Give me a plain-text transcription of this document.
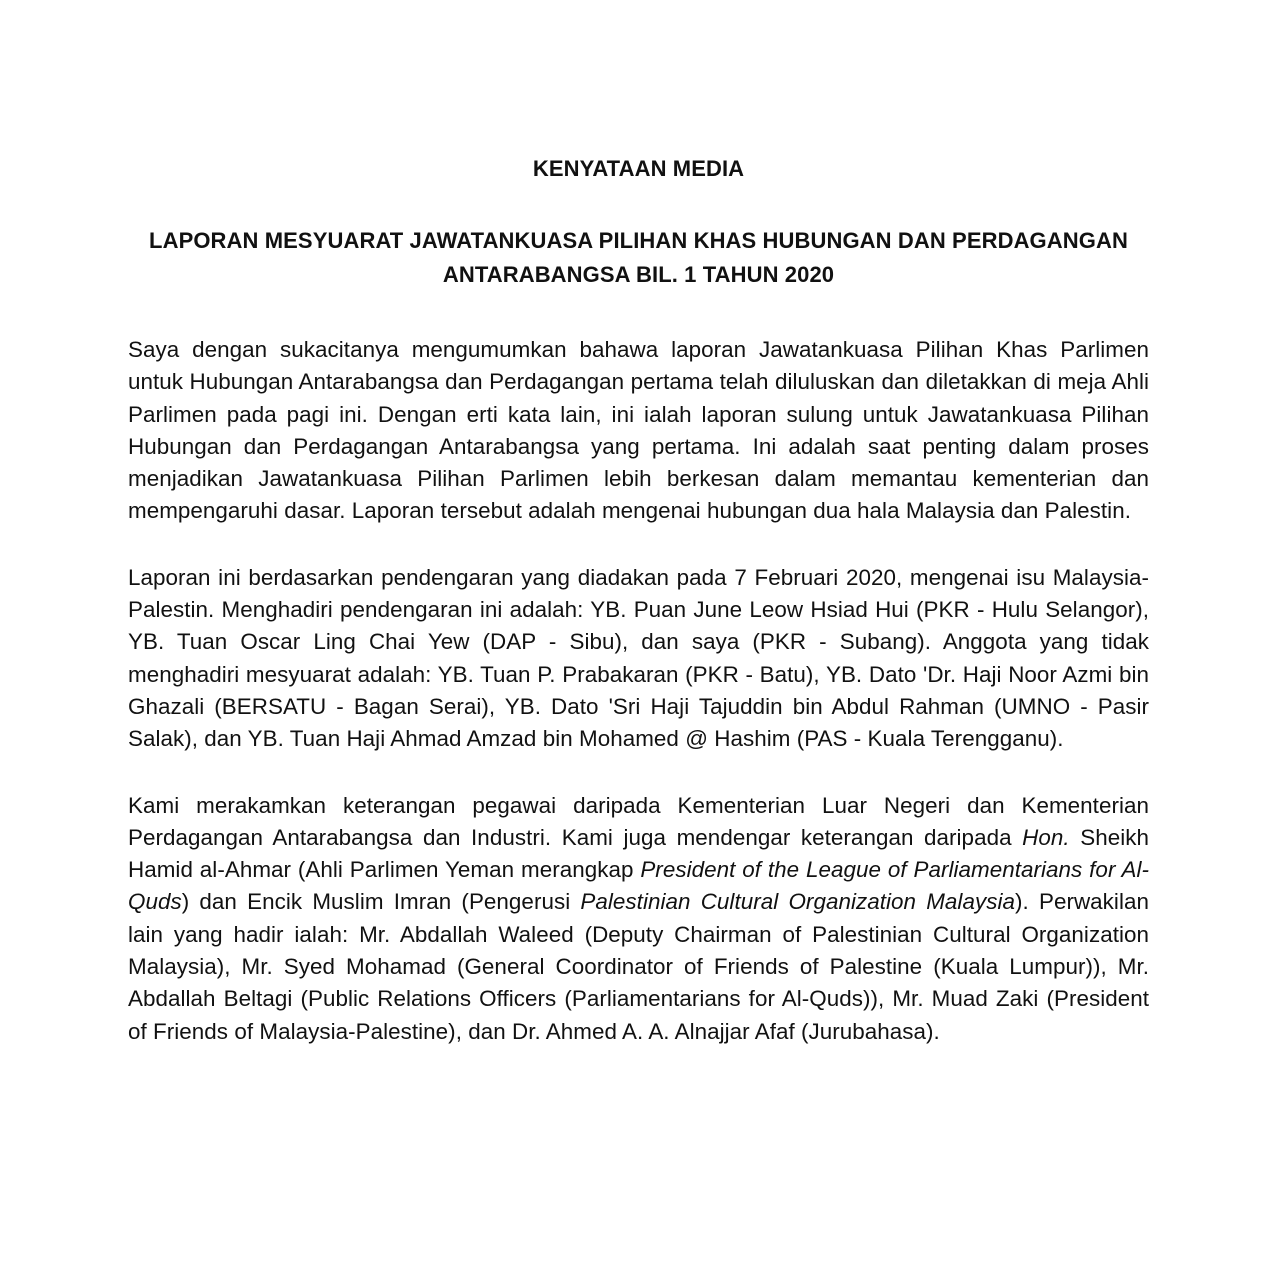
KENYATAAN MEDIA
LAPORAN MESYUARAT JAWATANKUASA PILIHAN KHAS HUBUNGAN DAN PERDAGANGAN ANTARABANGSA BIL. 1 TAHUN 2020

Saya dengan sukacitanya mengumumkan bahawa laporan Jawatankuasa Pilihan Khas Parlimen untuk Hubungan Antarabangsa dan Perdagangan pertama telah diluluskan dan diletakkan di meja Ahli Parlimen pada pagi ini. Dengan erti kata lain, ini ialah laporan sulung untuk Jawatankuasa Pilihan Hubungan dan Perdagangan Antarabangsa yang pertama. Ini adalah saat penting dalam proses menjadikan Jawatankuasa Pilihan Parlimen lebih berkesan dalam memantau kementerian dan mempengaruhi dasar. Laporan tersebut adalah mengenai hubungan dua hala Malaysia dan Palestin.

Laporan ini berdasarkan pendengaran yang diadakan pada 7 Februari 2020, mengenai isu Malaysia-Palestin. Menghadiri pendengaran ini adalah: YB. Puan June Leow Hsiad Hui (PKR - Hulu Selangor), YB. Tuan Oscar Ling Chai Yew (DAP - Sibu), dan saya (PKR - Subang). Anggota yang tidak menghadiri mesyuarat adalah: YB. Tuan P. Prabakaran (PKR - Batu), YB. Dato 'Dr. Haji Noor Azmi bin Ghazali (BERSATU - Bagan Serai), YB. Dato 'Sri Haji Tajuddin bin Abdul Rahman (UMNO - Pasir Salak), dan YB. Tuan Haji Ahmad Amzad bin Mohamed @ Hashim (PAS - Kuala Terengganu).

Kami merakamkan keterangan pegawai daripada Kementerian Luar Negeri dan Kementerian Perdagangan Antarabangsa dan Industri. Kami juga mendengar keterangan daripada Hon. Sheikh Hamid al-Ahmar (Ahli Parlimen Yeman merangkap President of the League of Parliamentarians for Al-Quds) dan Encik Muslim Imran (Pengerusi Palestinian Cultural Organization Malaysia). Perwakilan lain yang hadir ialah: Mr. Abdallah Waleed (Deputy Chairman of Palestinian Cultural Organization Malaysia), Mr. Syed Mohamad (General Coordinator of Friends of Palestine (Kuala Lumpur)), Mr. Abdallah Beltagi (Public Relations Officers (Parliamentarians for Al-Quds)), Mr. Muad Zaki (President of Friends of Malaysia-Palestine), dan Dr. Ahmed A. A. Alnajjar Afaf (Jurubahasa).
